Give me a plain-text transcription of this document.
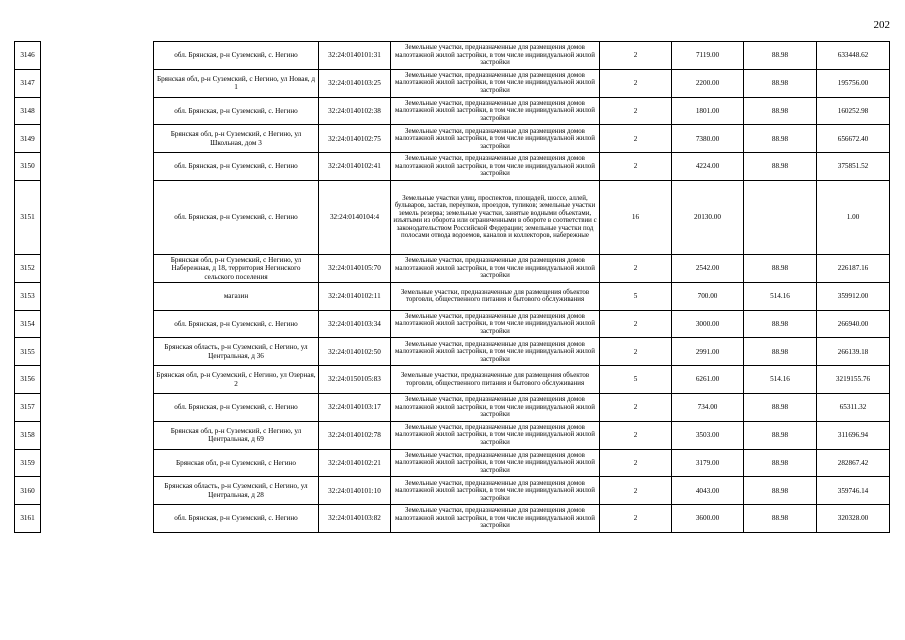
202
3146		обл. Брянская, р-н Суземский, с. Негино	32:24:0140101:31	Земельные участки, предназначенные для размещения домов малоэтажной жилой застройки, в том числе индивидуальной жилой застройки	2	7119.00	88.98	633448.62
3147		Брянская обл, р-н Суземский, с Негино, ул Новая, д 1	32:24:0140103:25	Земельные участки, предназначенные для размещения домов малоэтажной жилой застройки, в том числе индивидуальной жилой застройки	2	2200.00	88.98	195756.00
3148		обл. Брянская, р-н Суземский, с. Негино	32:24:0140102:38	Земельные участки, предназначенные для размещения домов малоэтажной жилой застройки, в том числе индивидуальной жилой застройки	2	1801.00	88.98	160252.98
3149		Брянская обл, р-н Суземский, с Негино, ул Школьная, дом 3	32:24:0140102:75	Земельные участки, предназначенные для размещения домов малоэтажной жилой застройки, в том числе индивидуальной жилой застройки	2	7380.00	88.98	656672.40
3150		обл. Брянская, р-н Суземский, с. Негино	32:24:0140102:41	Земельные участки, предназначенные для размещения домов малоэтажной жилой застройки, в том числе индивидуальной жилой застройки	2	4224.00	88.98	375851.52
3151		обл. Брянская, р-н Суземский, с. Негино	32:24:0140104:4	Земельные участки улиц, проспектов, площадей, шоссе, аллей, бульваров, застав, переулков, проездов, тупиков; земельные участки земель резерва; земельные участки, занятые водными объектами, изъятыми из оборота или ограниченными в обороте в соответствии с законодательством Российской Федерации; земельные участки под полосами отвода водоемов, каналов и коллекторов, набережные	16	20130.00		1.00
3152		Брянская обл, р-н Суземский, с Негино, ул Набережная, д 18, территория Негинского сельского поселения	32:24:0140105:70	Земельные участки, предназначенные для размещения домов малоэтажной жилой застройки, в том числе индивидуальной жилой застройки	2	2542.00	88.98	226187.16
3153		магазин	32:24:0140102:11	Земельные участки, предназначенные для размещения объектов торговли, общественного питания и бытового обслуживания	5	700.00	514.16	359912.00
3154		обл. Брянская, р-н Суземский, с. Негино	32:24:0140103:34	Земельные участки, предназначенные для размещения домов малоэтажной жилой застройки, в том числе индивидуальной жилой застройки	2	3000.00	88.98	266940.00
3155		Брянская область, р-н Суземский, с Негино, ул Центральная, д 36	32:24:0140102:50	Земельные участки, предназначенные для размещения домов малоэтажной жилой застройки, в том числе индивидуальной жилой застройки	2	2991.00	88.98	266139.18
3156		Брянская обл, р-н Суземский, с Негино, ул Озерная, 2	32:24:0150105:83	Земельные участки, предназначенные для размещения объектов торговли, общественного питания и бытового обслуживания	5	6261.00	514.16	3219155.76
3157		обл. Брянская, р-н Суземский, с. Негино	32:24:0140103:17	Земельные участки, предназначенные для размещения домов малоэтажной жилой застройки, в том числе индивидуальной жилой застройки	2	734.00	88.98	65311.32
3158		Брянская обл, р-н Суземский, с Негино, ул Центральная, д 69	32:24:0140102:78	Земельные участки, предназначенные для размещения домов малоэтажной жилой застройки, в том числе индивидуальной жилой застройки	2	3503.00	88.98	311696.94
3159		Брянская обл, р-н Суземский, с Негино	32:24:0140102:21	Земельные участки, предназначенные для размещения домов малоэтажной жилой застройки, в том числе индивидуальной жилой застройки	2	3179.00	88.98	282867.42
3160		Брянская область, р-н Суземский, с Негино, ул Центральная, д 28	32:24:0140101:10	Земельные участки, предназначенные для размещения домов малоэтажной жилой застройки, в том числе индивидуальной жилой застройки	2	4043.00	88.98	359746.14
3161		обл. Брянская, р-н Суземский, с. Негино	32:24:0140103:82	Земельные участки, предназначенные для размещения домов малоэтажной жилой застройки, в том числе индивидуальной жилой застройки	2	3600.00	88.98	320328.00
